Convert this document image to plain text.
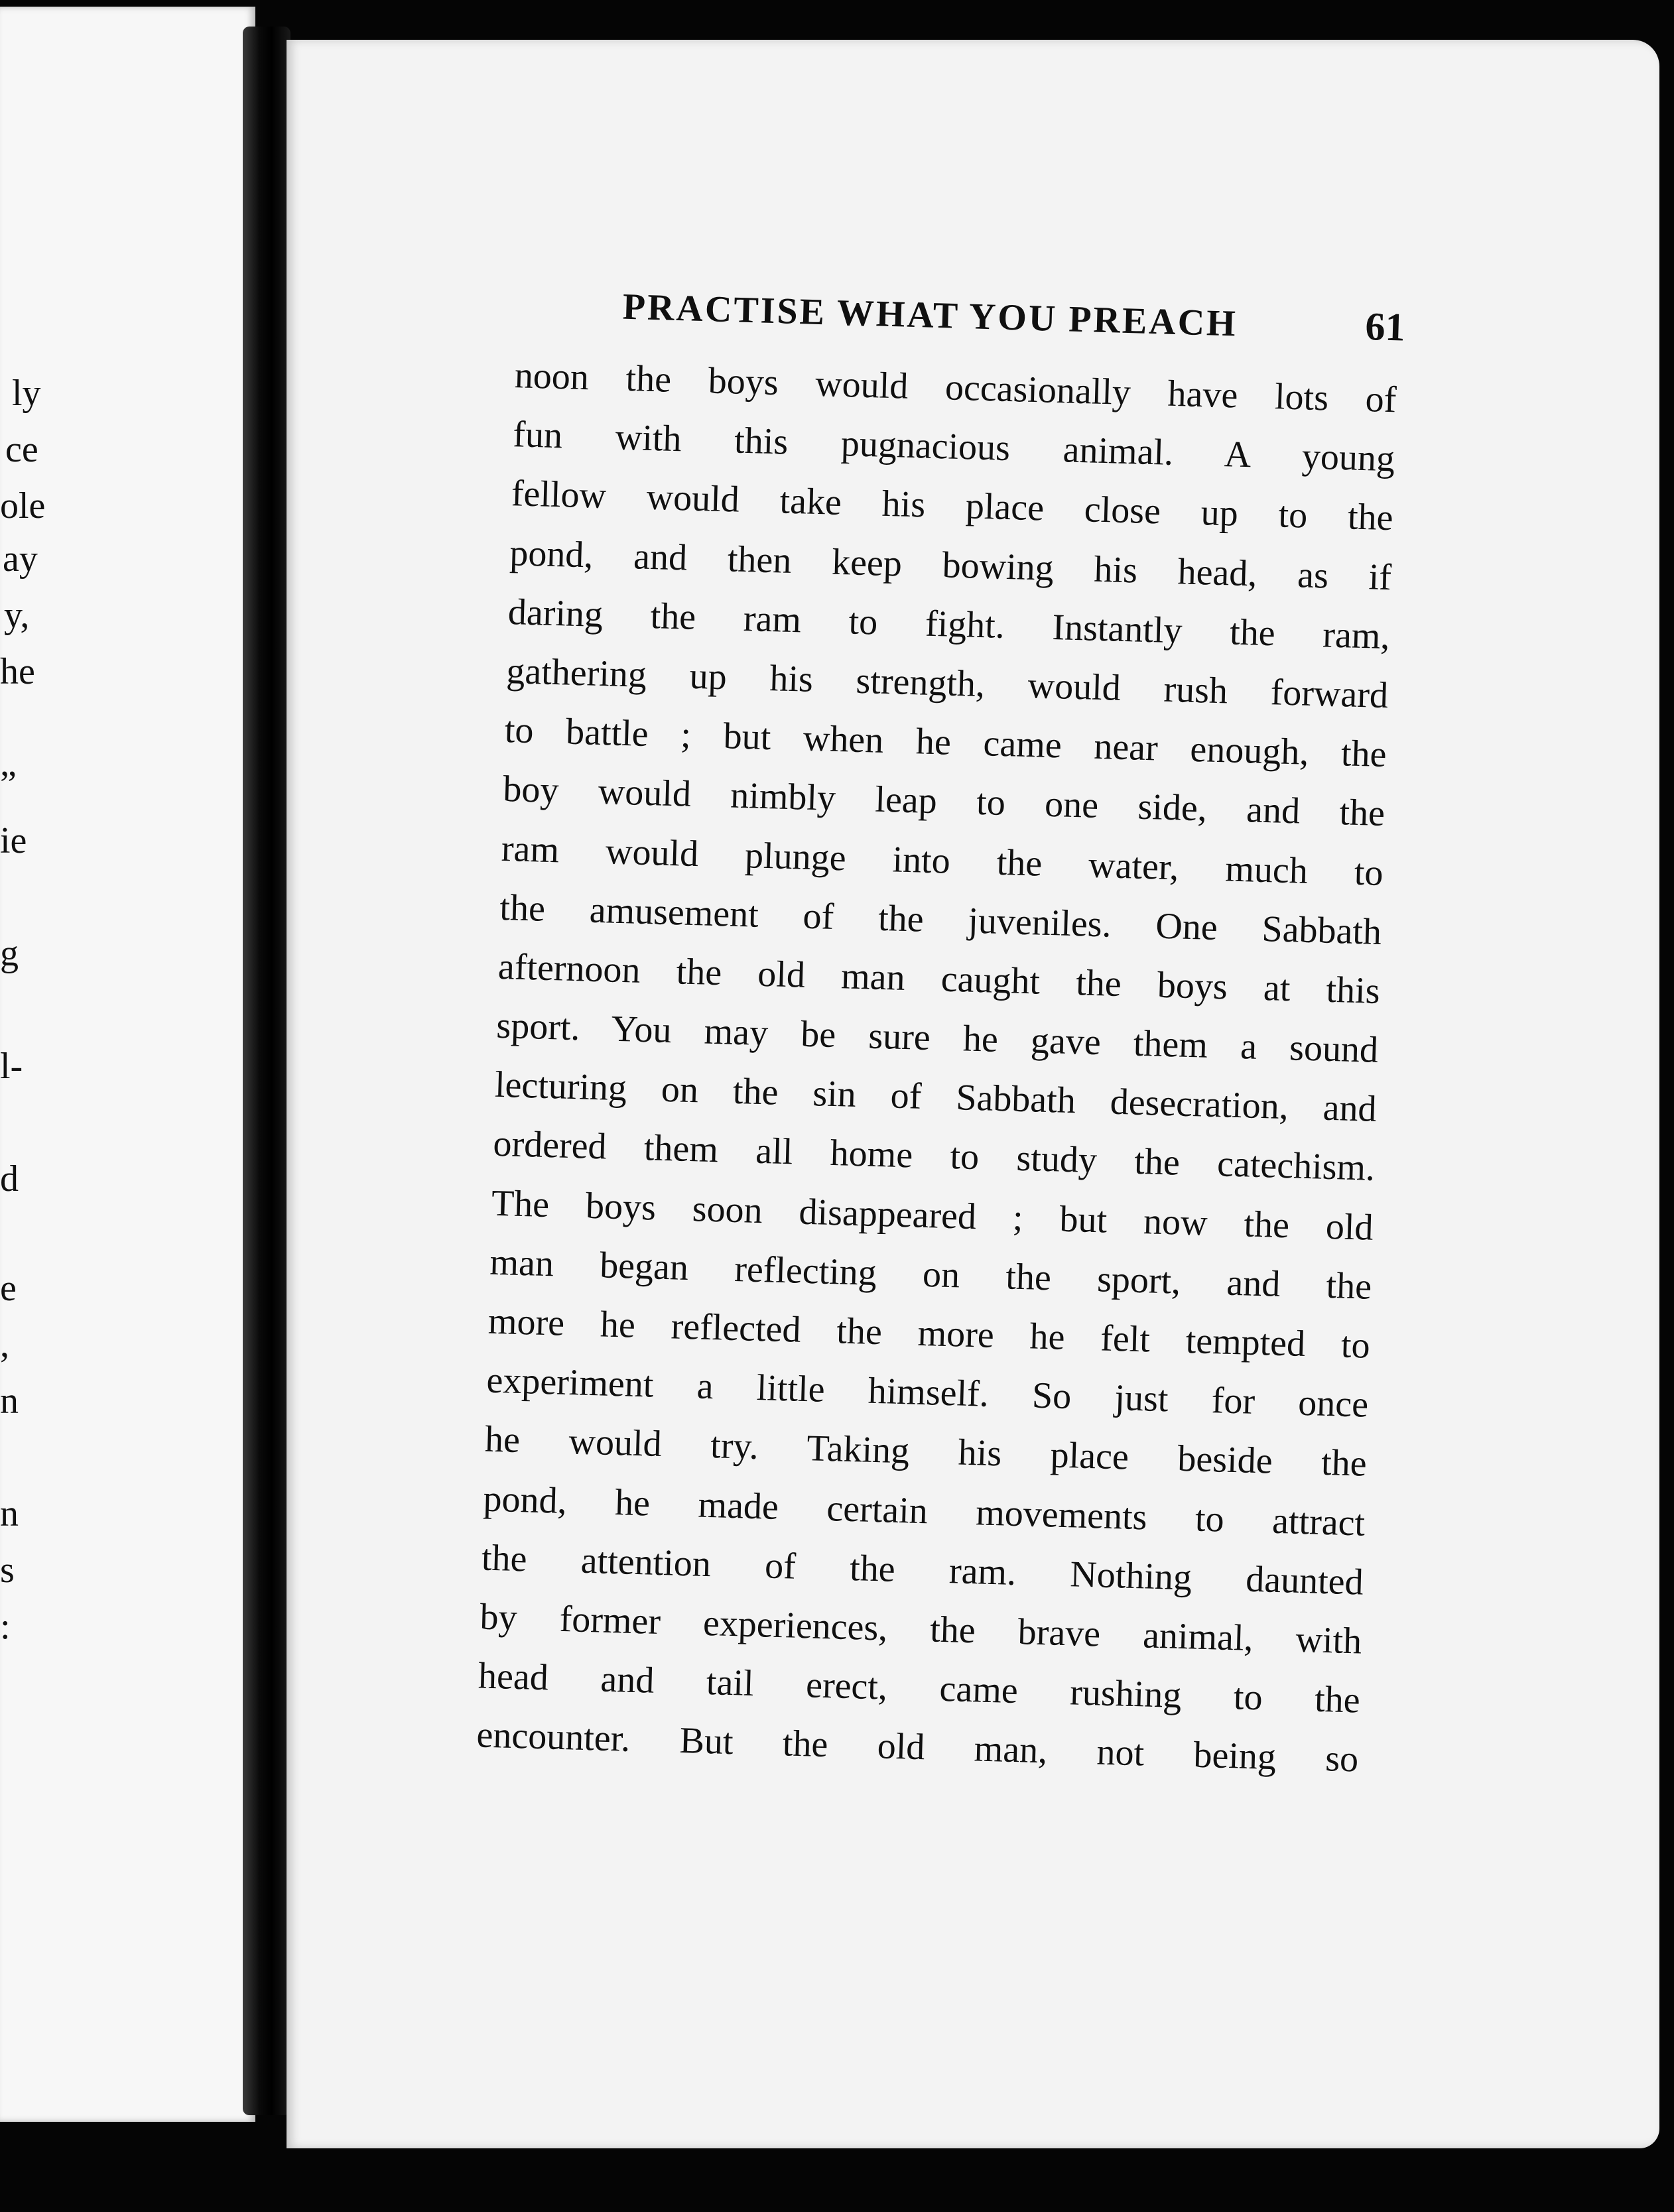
ly
ce
ole
ay
y,
he
”
ie
g
l-
d
e
,
n
n
s
:
PRACTISE WHAT YOU PREACH	61
noon the boys would occasionally have lots of
fun with this pugnacious animal. A young
fellow would take his place close up to the
pond, and then keep bowing his head, as if
daring the ram to fight. Instantly the ram,
gathering up his strength, would rush forward
to battle ; but when he came near enough, the
boy would nimbly leap to one side, and the
ram would plunge into the water, much to
the amusement of the juveniles. One Sabbath
afternoon the old man caught the boys at this
sport. You may be sure he gave them a sound
lecturing on the sin of Sabbath desecration, and
ordered them all home to study the catechism.
The boys soon disappeared ; but now the old
man began reflecting on the sport, and the
more he reflected the more he felt tempted to
experiment a little himself. So just for once
he would try. Taking his place beside the
pond, he made certain movements to attract
the attention of the ram. Nothing daunted
by former experiences, the brave animal, with
head and tail erect, came rushing to the
encounter. But the old man, not being so
